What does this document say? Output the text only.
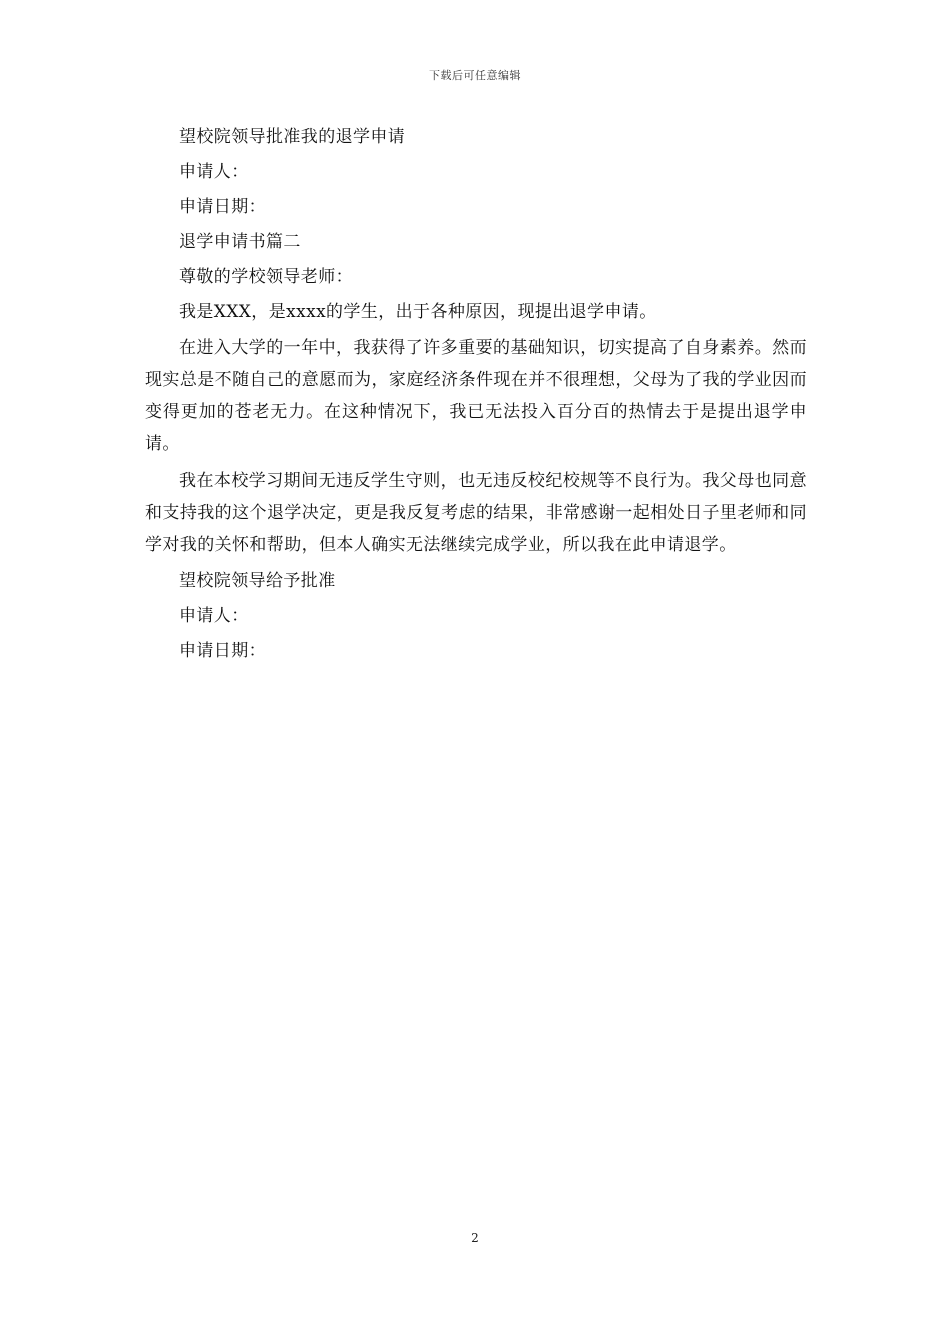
下载后可任意编辑

望校院领导批准我的退学申请

申请人：

申请日期：

退学申请书篇二

尊敬的学校领导老师：

我是XXX，是xxxx的学生，出于各种原因，现提出退学申请。

在进入大学的一年中，我获得了许多重要的基础知识，切实提高了自身素养。然而现实总是不随自己的意愿而为，家庭经济条件现在并不很理想，父母为了我的学业因而变得更加的苍老无力。在这种情况下，我已无法投入百分百的热情去于是提出退学申请。

我在本校学习期间无违反学生守则，也无违反校纪校规等不良行为。我父母也同意和支持我的这个退学决定，更是我反复考虑的结果，非常感谢一起相处日子里老师和同学对我的关怀和帮助，但本人确实无法继续完成学业，所以我在此申请退学。

望校院领导给予批准

申请人：

申请日期：

2
